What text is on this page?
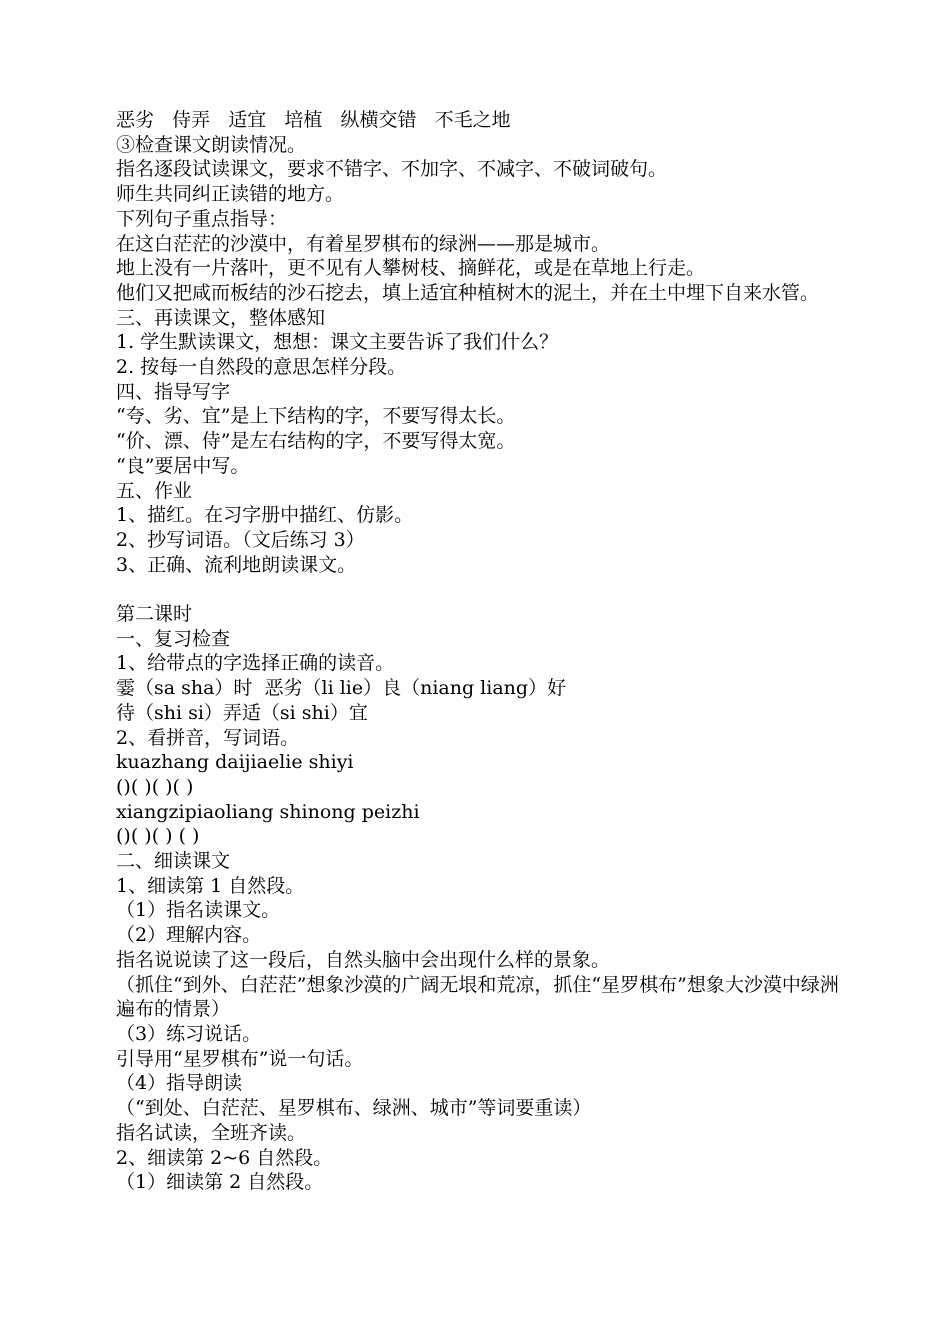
恶劣   侍弄   适宜   培植   纵横交错   不毛之地
③检查课文朗读情况。
指名逐段试读课文，要求不错字、不加字、不减字、不破词破句。
师生共同纠正读错的地方。
下列句子重点指导：
在这白茫茫的沙漠中，有着星罗棋布的绿洲——那是城市。
地上没有一片落叶，更不见有人攀树枝、摘鲜花，或是在草地上行走。
他们又把咸而板结的沙石挖去，填上适宜种植树木的泥土，并在土中埋下自来水管。
三、再读课文，整体感知
1. 学生默读课文，想想：课文主要告诉了我们什么？
2. 按每一自然段的意思怎样分段。
四、指导写字
“夸、劣、宜”是上下结构的字，不要写得太长。
“价、漂、侍”是左右结构的字，不要写得太宽。
“良”要居中写。
五、作业
1、描红。在习字册中描红、仿影。
2、抄写词语。（文后练习 3）
3、正确、流利地朗读课文。
第二课时
一、复习检查
1、给带点的字选择正确的读音。
霎（sa sha）时  恶劣（li lie）良（niang liang）好
待（shi si）弄适（si shi）宜
2、看拼音，写词语。
kuazhang daijiaelie shiyi
()( )( )( )
xiangzipiaoliang shinong peizhi
()( )( ) ( )
二、细读课文
1、细读第 1 自然段。
（1）指名读课文。
（2）理解内容。
指名说说读了这一段后，自然头脑中会出现什么样的景象。
（抓住“到外、白茫茫”想象沙漠的广阔无垠和荒凉，抓住“星罗棋布”想象大沙漠中绿洲遍布的情景）
（3）练习说话。
引导用“星罗棋布”说一句话。
（4）指导朗读
（“到处、白茫茫、星罗棋布、绿洲、城市”等词要重读）
指名试读，全班齐读。
2、细读第 2~6 自然段。
（1）细读第 2 自然段。
